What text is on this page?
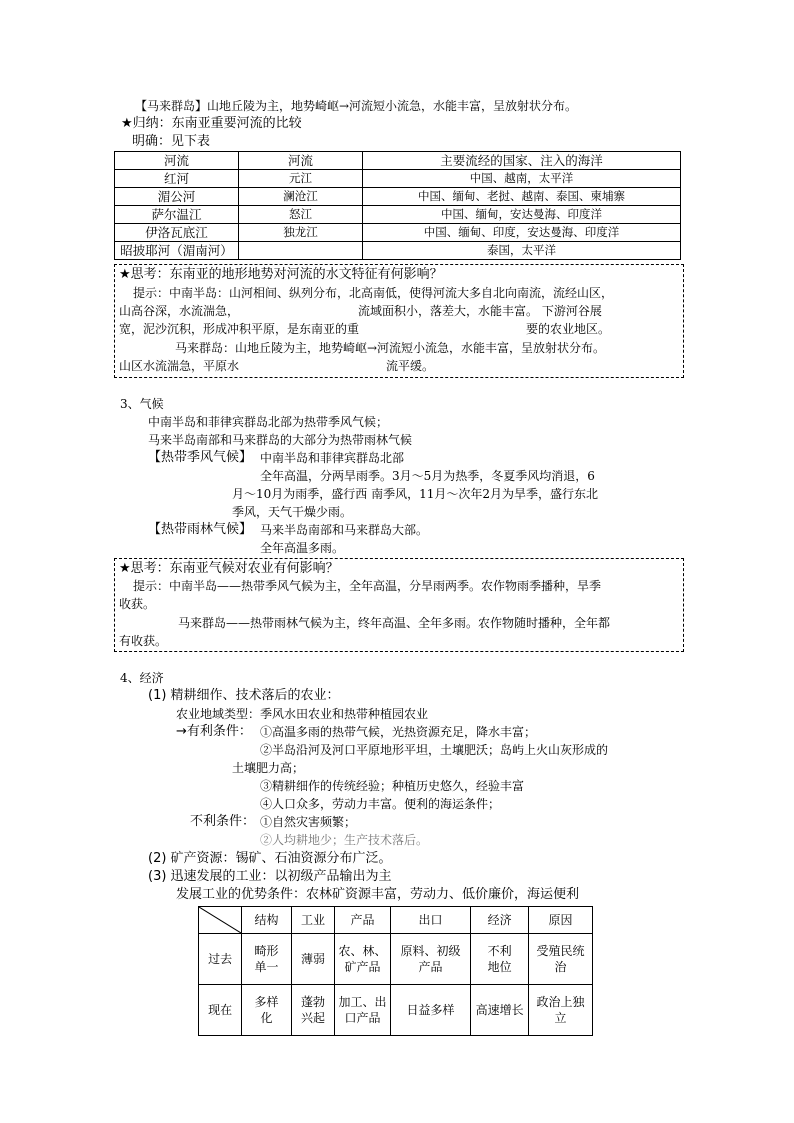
【马来群岛】山地丘陵为主，地势崎岖→河流短小流急，水能丰富，呈放射状分布。
★归纳：东南亚重要河流的比较
明确：见下表
河流	河流	主要流经的国家、注入的海洋
红河	元江	中国、越南，太平洋
湄公河	澜沧江	中国、缅甸、老挝、越南、泰国、柬埔寨
萨尔温江	怒江	中国、缅甸，安达曼海、印度洋
伊洛瓦底江	独龙江	中国、缅甸、印度，安达曼海、印度洋
昭披耶河（湄南河）		泰国，太平洋
★思考：东南亚的地形地势对河流的水文特征有何影响？
提示：中南半岛：山河相间、纵列分布，北高南低，使得河流大多自北向南流，流经山区，
山高谷深，水流湍急，	流域面积小，落差大，水能丰富。 下游河谷展
宽，泥沙沉积，形成冲积平原，是东南亚的重	要的农业地区。
马来群岛：山地丘陵为主，地势崎岖→河流短小流急，水能丰富，呈放射状分布。
山区水流湍急，平原水	流平缓。
3、气候
中南半岛和菲律宾群岛北部为热带季风气候；
马来半岛南部和马来群岛的大部分为热带雨林气候
【热带季风气候】 中南半岛和菲律宾群岛北部
全年高温，分两旱雨季。3月～5月为热季，冬夏季风均消退，6
月～10月为雨季，盛行西 南季风，11月～次年2月为旱季，盛行东北
季风，天气干燥少雨。
【热带雨林气候】 马来半岛南部和马来群岛大部。
全年高温多雨。
★思考：东南亚气候对农业有何影响？
提示：中南半岛——热带季风气候为主，全年高温，分旱雨两季。农作物雨季播种，旱季
收获。
马来群岛——热带雨林气候为主，终年高温、全年多雨。农作物随时播种，全年都
有收获。
4、经济
(1) 精耕细作、技术落后的农业：
农业地域类型：季风水田农业和热带种植园农业
→有利条件： ①高温多雨的热带气候，光热资源充足，降水丰富；
②半岛沿河及河口平原地形平坦，土壤肥沃；岛屿上火山灰形成的
土壤肥力高；
③精耕细作的传统经验；种植历史悠久，经验丰富
④人口众多，劳动力丰富。便利的海运条件；
不利条件： ①自然灾害频繁；
②人均耕地少；生产技术落后。
(2) 矿产资源：锡矿、石油资源分布广泛。
(3) 迅速发展的工业：以初级产品输出为主
发展工业的优势条件：农林矿资源丰富，劳动力、低价廉价，海运便利
	结构	工业	产品	出口	经济	原因
过去	畸形单一	薄弱	农、林、矿产品	原料、初级产品	不利地位	受殖民统治
现在	多样化	蓬勃兴起	加工、出口产品	日益多样	高速增长	政治上独立
